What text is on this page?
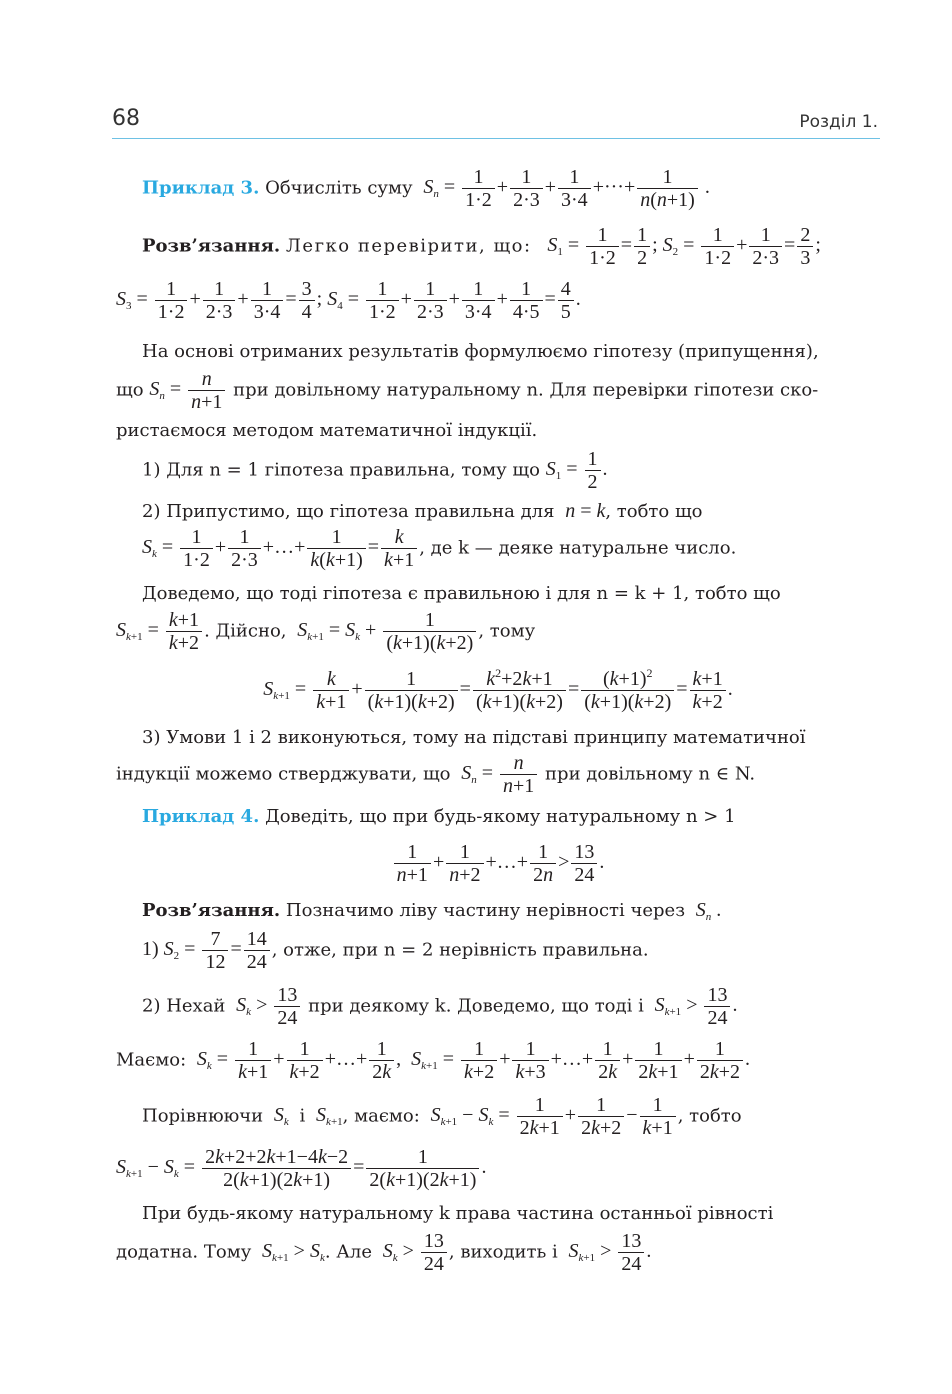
68	Розділ 1.
Приклад 3. Обчисліть суму $S_n = \frac{1}{1\cdot 2} + \frac{1}{2\cdot 3} + \frac{1}{3\cdot 4}$ +···+ $\frac{1}{n(n+1)}$ .
Розв’язання. Легко перевірити, що: $S_1 = \frac{1}{1\cdot 2} = \frac{1}{2}$ ; $S_2 = \frac{1}{1\cdot 2} + \frac{1}{2\cdot 3} = \frac{2}{3}$ ;
$S_3 = \frac{1}{1\cdot 2} + \frac{1}{2\cdot 3} + \frac{1}{3\cdot 4} = \frac{3}{4}$ ; $S_4 = \frac{1}{1\cdot 2} + \frac{1}{2\cdot 3} + \frac{1}{3\cdot 4} + \frac{1}{4\cdot 5} = \frac{4}{5}$ .
На основі отриманих результатів формулюємо гіпотезу (припущення),
що $S_n = \frac{n}{n+1}$ при довільному натуральному n. Для перевірки гіпотези ско-
ристаємося методом математичної індукції.
1) Для n = 1 гіпотеза правильна, тому що $S_1 = \frac{1}{2}$ .
2) Припустимо, що гіпотеза правильна для n = k, тобто що
$S_k = \frac{1}{1\cdot 2} + \frac{1}{2\cdot 3}$ +…+ $\frac{1}{k(k+1)} = \frac{k}{k+1}$ , де k — деяке натуральне число.
Доведемо, що тоді гіпотеза є правильною і для n = k + 1, тобто що
$S_{k+1} = \frac{k+1}{k+2}$ . Дійсно, $S_{k+1} = S_k + \frac{1}{(k+1)(k+2)}$ , тому
$S_{k+1} = \frac{k}{k+1} + \frac{1}{(k+1)(k+2)} = \frac{k^2+2k+1}{(k+1)(k+2)} = \frac{(k+1)^2}{(k+1)(k+2)} = \frac{k+1}{k+2}$ .
3) Умови 1 і 2 виконуються, тому на підставі принципу математичної
індукції можемо стверджувати, що $S_n = \frac{n}{n+1}$ при довільному n ∈ N.
Приклад 4. Доведіть, що при будь-якому натуральному n > 1
$\frac{1}{n+1} + \frac{1}{n+2}$ +…+ $\frac{1}{2n} > \frac{13}{24}$ .
Розв’язання. Позначимо ліву частину нерівності через $S_n$ .
1) $S_2 = \frac{7}{12} = \frac{14}{24}$ , отже, при n = 2 нерівність правильна.
2) Нехай $S_k > \frac{13}{24}$ при деякому k. Доведемо, що тоді і $S_{k+1} > \frac{13}{24}$ .
Маємо: $S_k = \frac{1}{k+1} + \frac{1}{k+2}$ +…+ $\frac{1}{2k}$ ,  $S_{k+1} = \frac{1}{k+2} + \frac{1}{k+3}$ +…+ $\frac{1}{2k} + \frac{1}{2k+1} + \frac{1}{2k+2}$ .
Порівнюючи $S_k$ і $S_{k+1}$, маємо: $S_{k+1} - S_k = \frac{1}{2k+1} + \frac{1}{2k+2} - \frac{1}{k+1}$ , тобто
$S_{k+1} - S_k = \frac{2k+2+2k+1-4k-2}{2(k+1)(2k+1)} = \frac{1}{2(k+1)(2k+1)}$ .
При будь-якому натуральному k права частина останньої рівності
додатна. Тому $S_{k+1} > S_k$. Але $S_k > \frac{13}{24}$ , виходить і $S_{k+1} > \frac{13}{24}$ .
